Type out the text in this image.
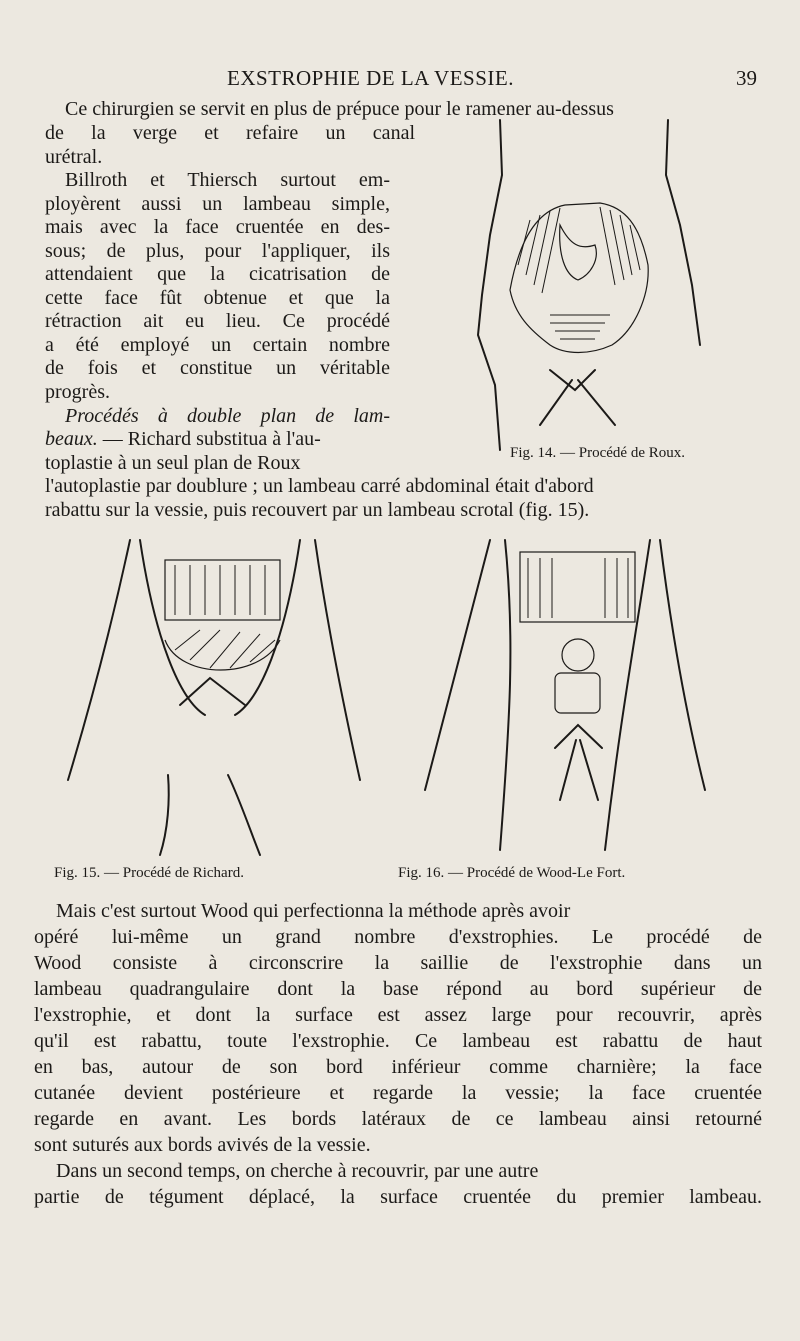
EXSTROPHIE DE LA VESSIE.	39
Ce chirurgien se servit en plus de prépuce pour le ramener au-dessus
de la verge et refaire un canal
urétral.
Billroth et Thiersch surtout em-
ployèrent aussi un lambeau simple,
mais avec la face cruentée en des-
sous; de plus, pour l'appliquer, ils
attendaient que la cicatrisation de
cette face fût obtenue et que la
rétraction ait eu lieu. Ce procédé
a été employé un certain nombre
de fois et constitue un véritable
progrès.
Procédés à double plan de lam-
beaux. — Richard substitua à l'au-
toplastie à un seul plan de Roux
l'autoplastie par doublure ; un lambeau carré abdominal était d'abord
rabattu sur la vessie, puis recouvert par un lambeau scrotal (fig. 15).
Fig. 14. — Procédé de Roux.
Fig. 15. — Procédé de Richard.	Fig. 16. — Procédé de Wood-Le Fort.
Mais c'est surtout Wood qui perfectionna la méthode après avoir
opéré lui-même un grand nombre d'exstrophies. Le procédé de
Wood consiste à circonscrire la saillie de l'exstrophie dans un
lambeau quadrangulaire dont la base répond au bord supérieur de
l'exstrophie, et dont la surface est assez large pour recouvrir, après
qu'il est rabattu, toute l'exstrophie. Ce lambeau est rabattu de haut
en bas, autour de son bord inférieur comme charnière; la face
cutanée devient postérieure et regarde la vessie; la face cruentée
regarde en avant. Les bords latéraux de ce lambeau ainsi retourné
sont suturés aux bords avivés de la vessie.
Dans un second temps, on cherche à recouvrir, par une autre
partie de tégument déplacé, la surface cruentée du premier lambeau.
